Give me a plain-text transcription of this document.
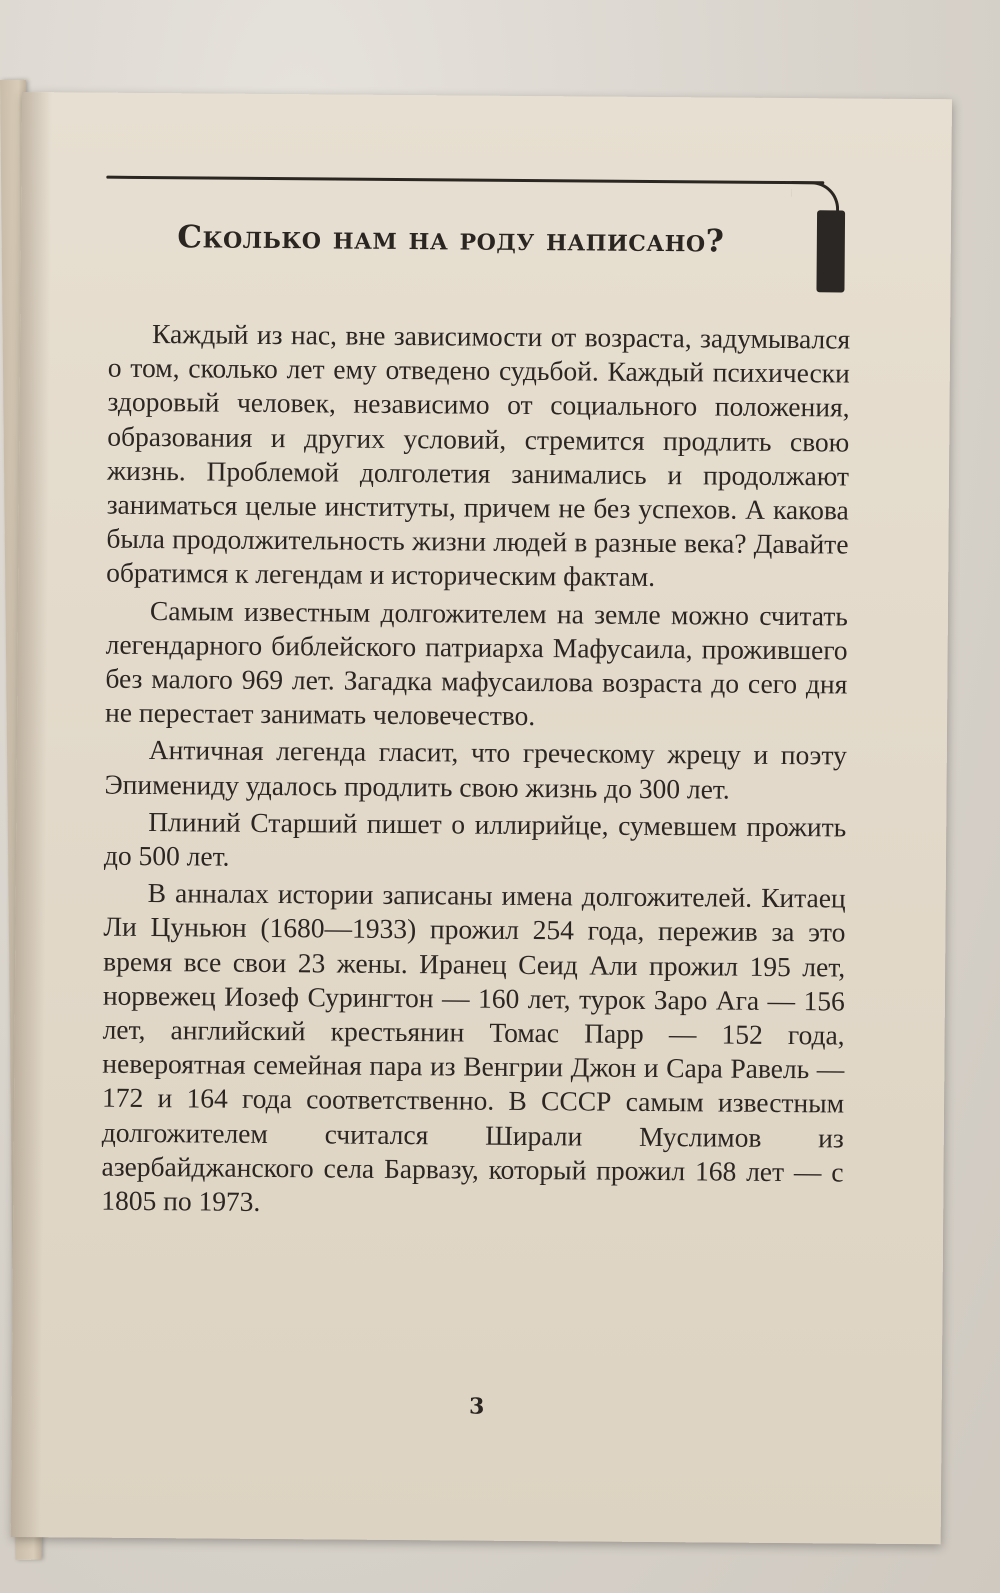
Сколько нам на роду написано?

Каждый из нас, вне зависимости от возраста, задумывался о том, сколько лет ему отведено судьбой. Каждый психически здоровый человек, независимо от социального положения, образования и других условий, стремится продлить свою жизнь. Проблемой долголетия занимались и продолжают заниматься целые институты, причем не без успехов. А какова была продолжительность жизни людей в разные века? Давайте обратимся к легендам и историческим фактам.

Самым известным долгожителем на земле можно считать легендарного библейского патриарха Мафусаила, прожившего без малого 969 лет. Загадка мафусаилова возраста до сего дня не перестает занимать человечество.

Античная легенда гласит, что греческому жрецу и поэту Эпимениду удалось продлить свою жизнь до 300 лет.

Плиний Старший пишет о иллирийце, сумевшем прожить до 500 лет.

В анналах истории записаны имена долгожителей. Китаец Ли Цуньюн (1680—1933) прожил 254 года, пережив за это время все свои 23 жены. Иранец Сеид Али прожил 195 лет, норвежец Иозеф Сурингтон — 160 лет, турок Заро Ага — 156 лет, английский крестьянин Томас Парр — 152 года, невероятная семейная пара из Венгрии Джон и Сара Равель — 172 и 164 года соответственно. В СССР самым известным долгожителем считался Ширали Муслимов из азербайджанского села Барвазу, который прожил 168 лет — с 1805 по 1973.

3
